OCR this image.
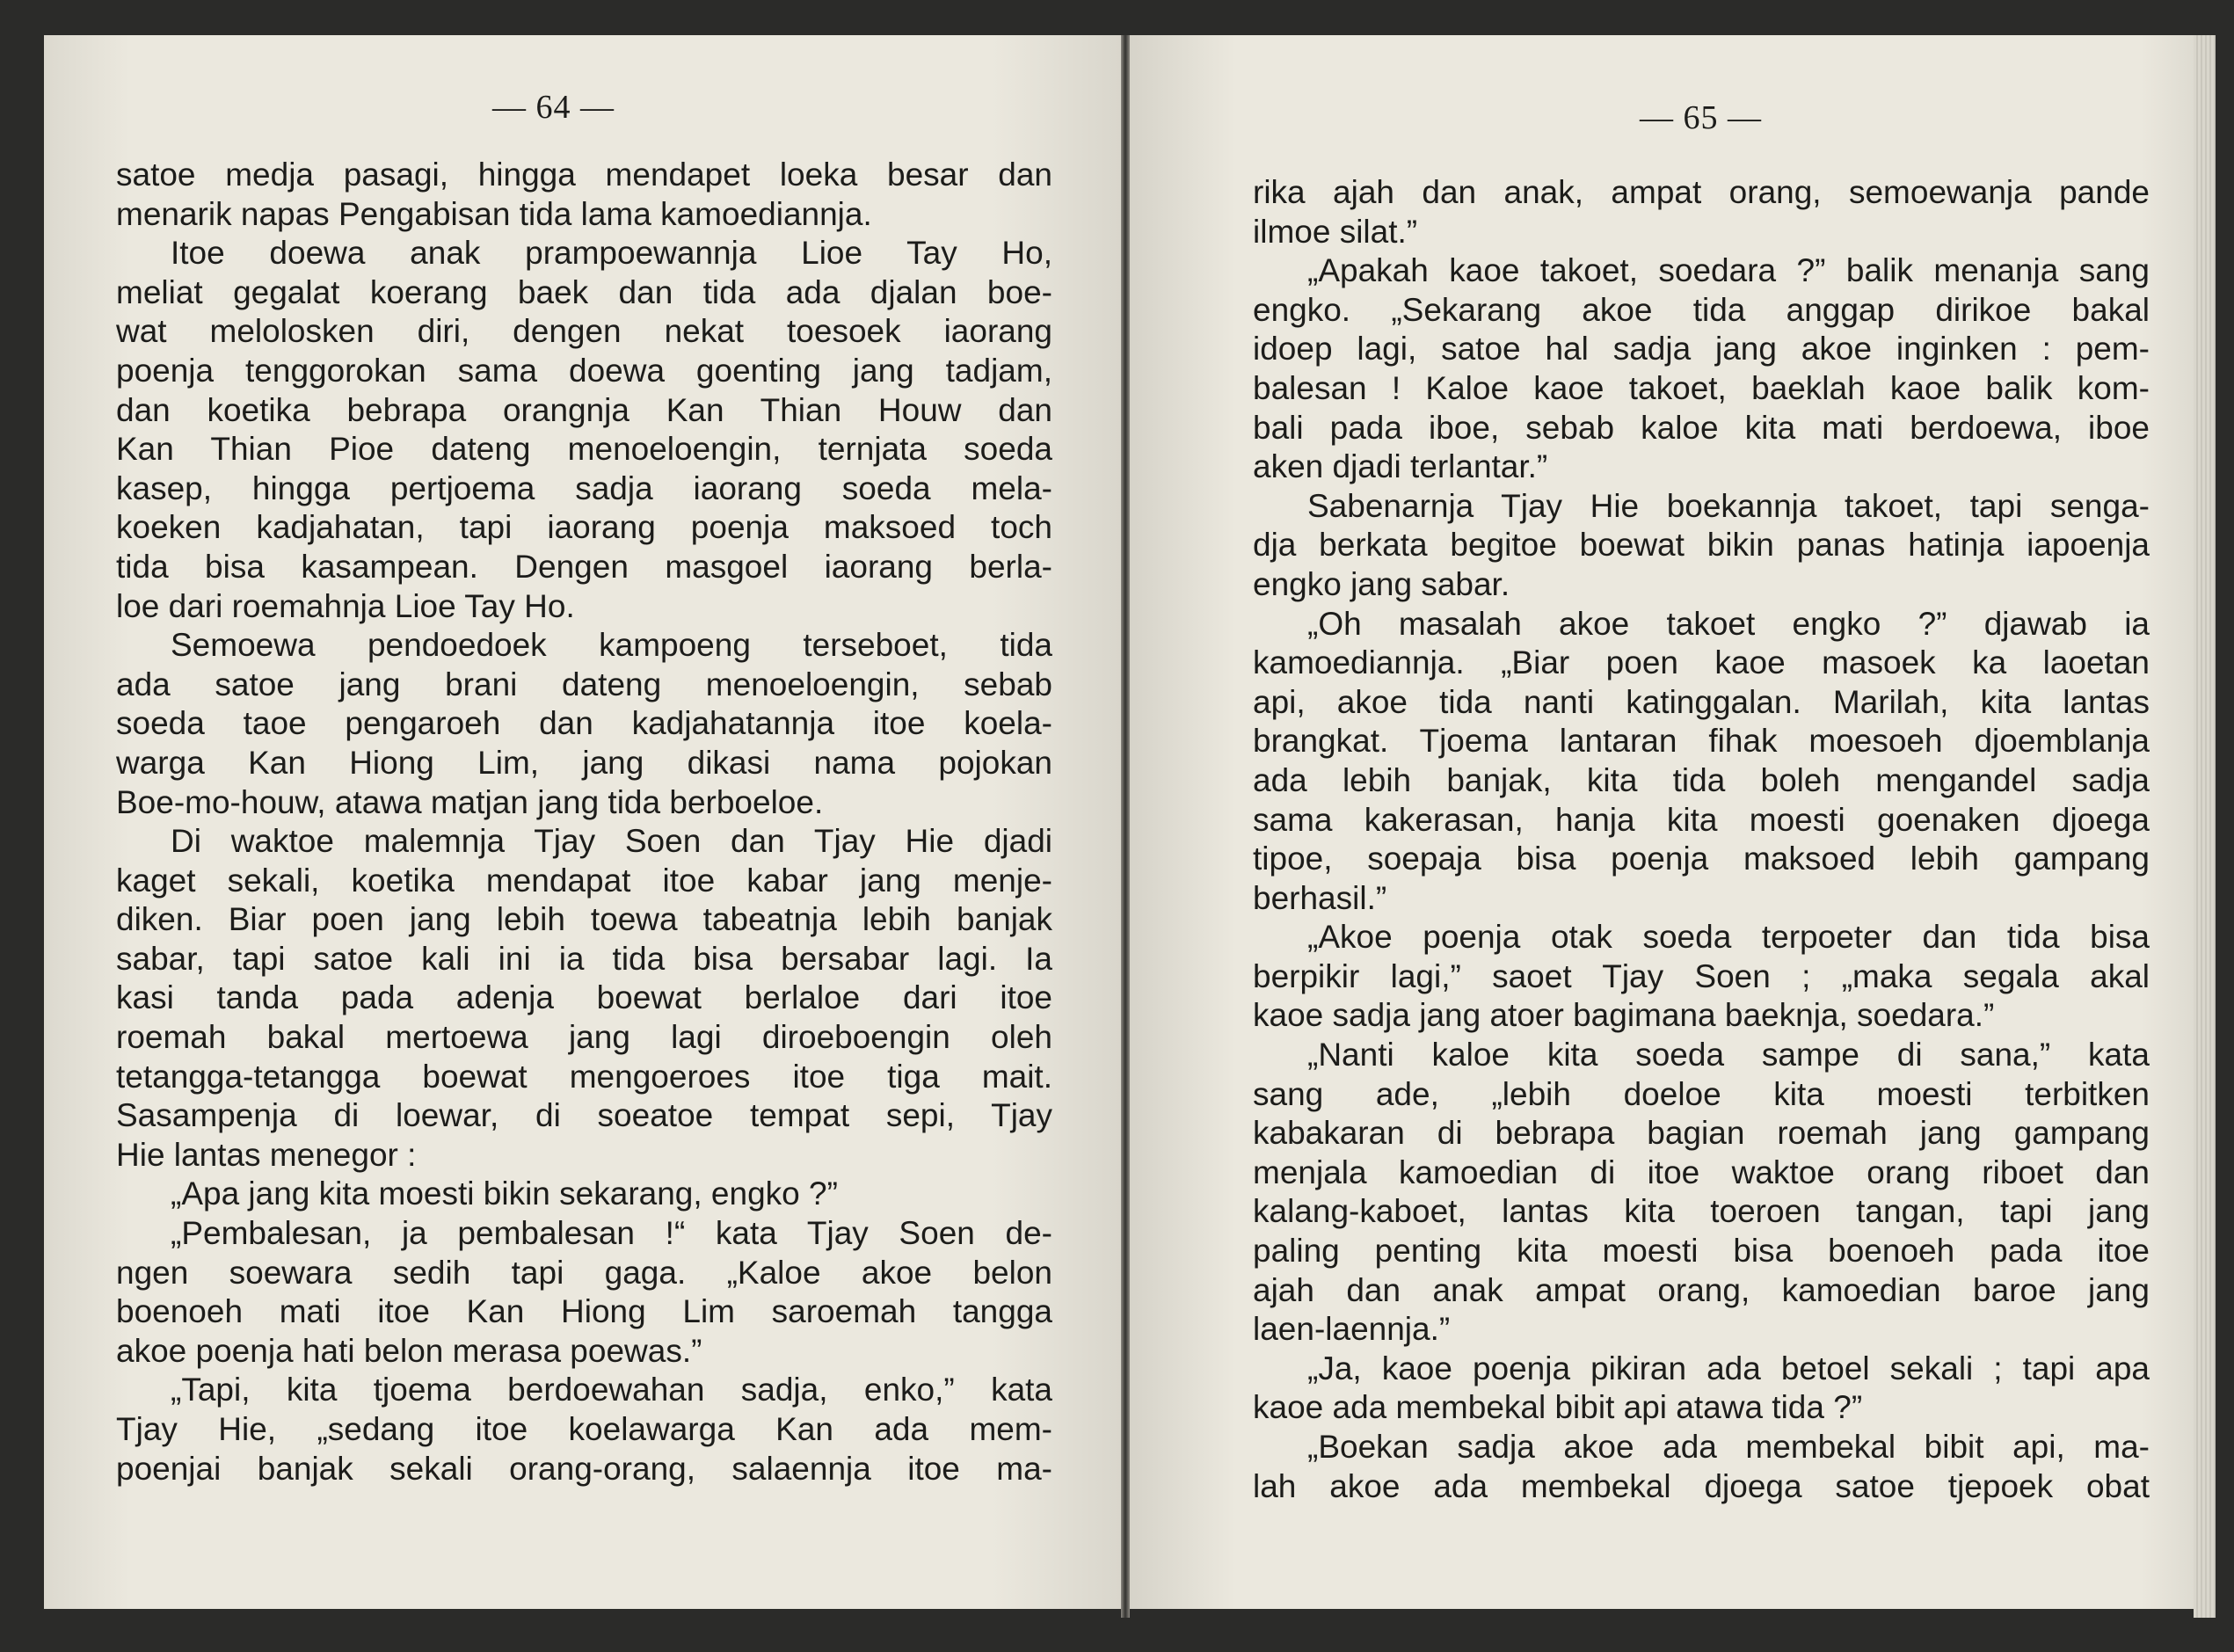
— 64 —
satoe medja pasagi, hingga mendapet loeka besar dan
menarik napas Pengabisan tida lama kamoediannja.
Itoe doewa anak prampoewannja Lioe Tay Ho,
meliat gegalat koerang baek dan tida ada djalan boe-
wat melolosken diri, dengen nekat toesoek iaorang
poenja tenggorokan sama doewa goenting jang tadjam,
dan koetika bebrapa orangnja Kan Thian Houw dan
Kan Thian Pioe dateng menoeloengin, ternjata soeda
kasep, hingga pertjoema sadja iaorang soeda mela-
koeken kadjahatan, tapi iaorang poenja maksoed toch
tida bisa kasampean. Dengen masgoel iaorang berla-
loe dari roemahnja Lioe Tay Ho.
Semoewa pendoedoek kampoeng terseboet, tida
ada satoe jang brani dateng menoeloengin, sebab
soeda taoe pengaroeh dan kadjahatannja itoe koela-
warga Kan Hiong Lim, jang dikasi nama pojokan
Boe-mo-houw, atawa matjan jang tida berboeloe.
Di waktoe malemnja Tjay Soen dan Tjay Hie djadi
kaget sekali, koetika mendapat itoe kabar jang menje-
diken. Biar poen jang lebih toewa tabeatnja lebih banjak
sabar, tapi satoe kali ini ia tida bisa bersabar lagi. Ia
kasi tanda pada adenja boewat berlaloe dari itoe
roemah bakal mertoewa jang lagi diroeboengin oleh
tetangga-tetangga boewat mengoeroes itoe tiga mait.
Sasampenja di loewar, di soeatoe tempat sepi, Tjay
Hie lantas menegor :
„Apa jang kita moesti bikin sekarang, engko ?”
„Pembalesan, ja pembalesan !“ kata Tjay Soen de-
ngen soewara sedih tapi gaga. „Kaloe akoe belon
boenoeh mati itoe Kan Hiong Lim saroemah tangga
akoe poenja hati belon merasa poewas.”
„Tapi, kita tjoema berdoewahan sadja, enko,” kata
Tjay Hie, „sedang itoe koelawarga Kan ada mem-
poenjai banjak sekali orang-orang, salaennja itoe ma-
— 65 —
rika ajah dan anak, ampat orang, semoewanja pande
ilmoe silat.”
„Apakah kaoe takoet, soedara ?” balik menanja sang
engko. „Sekarang akoe tida anggap dirikoe bakal
idoep lagi, satoe hal sadja jang akoe inginken : pem-
balesan ! Kaloe kaoe takoet, baeklah kaoe balik kom-
bali pada iboe, sebab kaloe kita mati berdoewa, iboe
aken djadi terlantar.”
Sabenarnja Tjay Hie boekannja takoet, tapi senga-
dja berkata begitoe boewat bikin panas hatinja iapoenja
engko jang sabar.
„Oh masalah akoe takoet engko ?” djawab ia
kamoediannja. „Biar poen kaoe masoek ka laoetan
api, akoe tida nanti katinggalan. Marilah, kita lantas
brangkat. Tjoema lantaran fihak moesoeh djoemblanja
ada lebih banjak, kita tida boleh mengandel sadja
sama kakerasan, hanja kita moesti goenaken djoega
tipoe, soepaja bisa poenja maksoed lebih gampang
berhasil.”
„Akoe poenja otak soeda terpoeter dan tida bisa
berpikir lagi,” saoet Tjay Soen ; „maka segala akal
kaoe sadja jang atoer bagimana baeknja, soedara.”
„Nanti kaloe kita soeda sampe di sana,” kata
sang ade, „lebih doeloe kita moesti terbitken
kabakaran di bebrapa bagian roemah jang gampang
menjala kamoedian di itoe waktoe orang riboet dan
kalang-kaboet, lantas kita toeroen tangan, tapi jang
paling penting kita moesti bisa boenoeh pada itoe
ajah dan anak ampat orang, kamoedian baroe jang
laen-laennja.”
„Ja, kaoe poenja pikiran ada betoel sekali ; tapi apa
kaoe ada membekal bibit api atawa tida ?”
„Boekan sadja akoe ada membekal bibit api, ma-
lah akoe ada membekal djoega satoe tjepoek obat
